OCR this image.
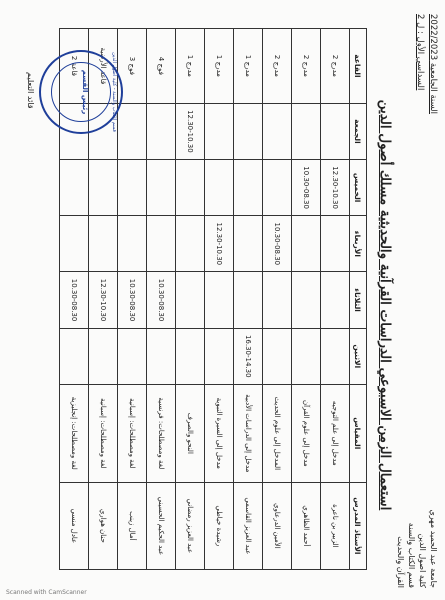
جامعة عبد الحميد مهري
كلية اصول الدين
قسم الكتاب والسنة
القرآن والحديث
السنة الجامعية 2022/2023
السداسي الأول : ل 2
استعمال الزمن الاسبوعي الدراسات القرآنية والحديثية مسلك أصول الدين
الأستاذ المدرس	المقياس	الاثنين	الثلاثاء	الأربعاء	الخميس	الجمعة	القاعة
الزبير بن ناعرة	مدخل إلى علم التوجيه				12.30-10.30		مدرج 2
أحمد الظاهري	مدخل إلى علوم القرآن				10.30-08.30		مدرج 2
الأمين الدرعاوي	المدخل إلى علوم الحديث			10.30-08.30			مدرج 2
عبد العزيز القاسمي	مدخل إلى الدراسات الأدبية	16.30-14.30					مدرج 1
رشيدة خياطي	مدخل إلى السيرة النبوية			12.30-10.30			مدرج 1
عبد العزيز رمضاني	النحو والصرف					12.30-10.30	مدرج 1
عبد الحكيم الحسيني	لغة ومصطلحات: فرنسية		10.30-08.30				فوج 4
أمال زينب	لغة ومصطلحات: إسبانية		10.30-08.30				فوج 3
حنان هواري	لغة ومصطلحات: إسبانية		12.30-10.30				قاعة الأرضية
عادل منسي	لغة ومصطلحات: إنجليزية		10.30-08.30				قاعة 2	قسم الكتاب والسنة - كلية أصول الدين
رئيس القسم
قائد التعليم
Scanned with CamScanner
